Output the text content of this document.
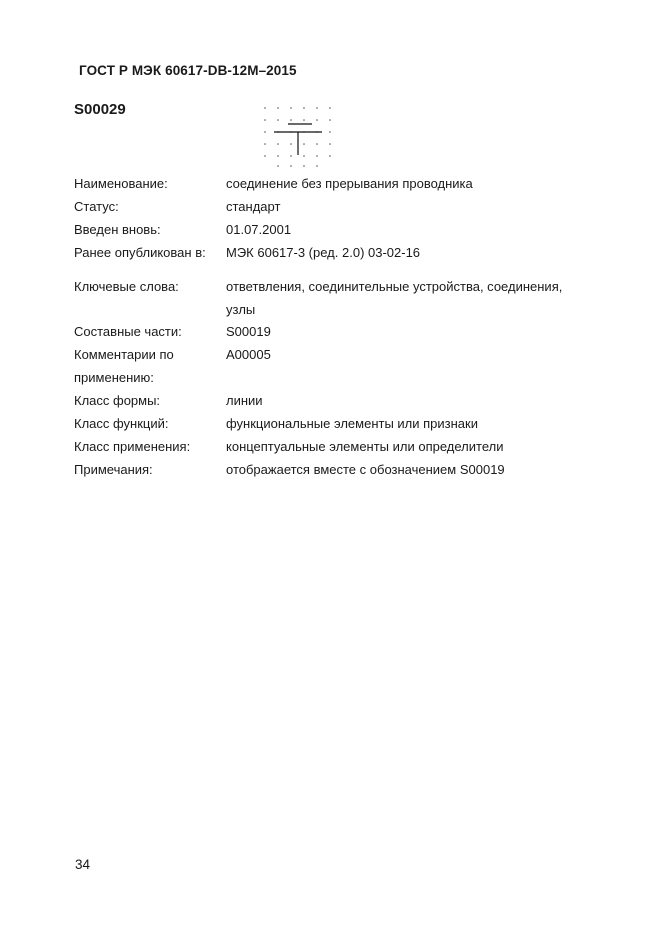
ГОСТ Р МЭК 60617-DB-12M–2015
S00029
Наименование:	соединение без прерывания проводника
Статус:	стандарт
Введен вновь:	01.07.2001
Ранее опубликован в:	МЭК 60617-3 (ред. 2.0) 03-02-16
Ключевые слова:	ответвления, соединительные устройства, соединения,
узлы
Составные части:	S00019
Комментарии по
применению:
A00005
Класс формы:	линии
Класс функций:	функциональные элементы или признаки
Класс применения:	концептуальные элементы или определители
Примечания:	отображается вместе с обозначением S00019
34
